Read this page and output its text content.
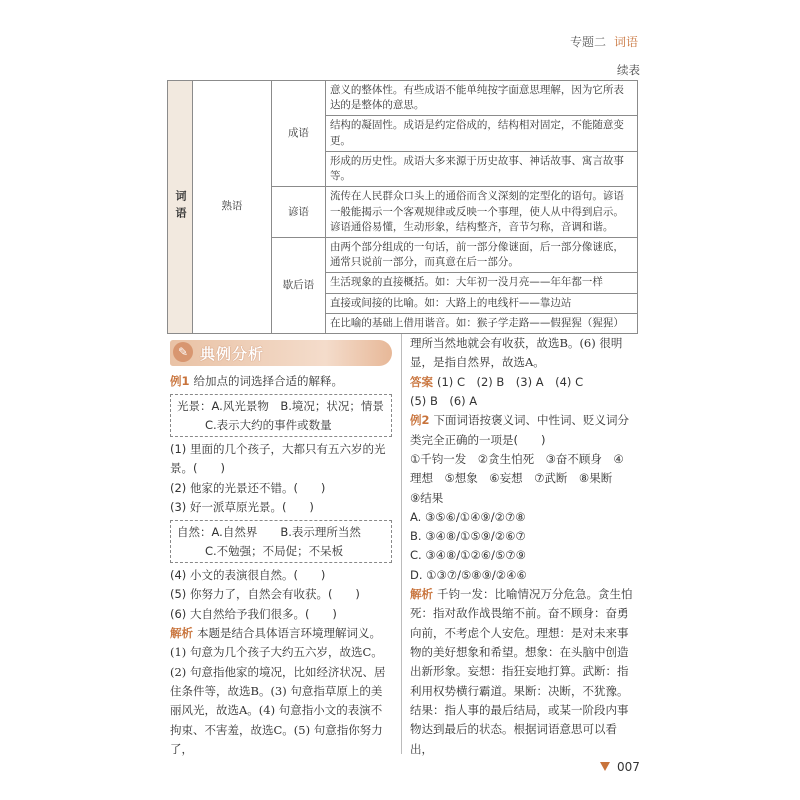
专题二 词语
续表
词语	熟语	成语	意义的整体性。有些成语不能单纯按字面意思理解，因为它所表达的是整体的意思。
			结构的凝固性。成语是约定俗成的，结构相对固定，不能随意变更。
			形成的历史性。成语大多来源于历史故事、神话故事、寓言故事等。
		谚语	流传在人民群众口头上的通俗而含义深刻的定型化的语句。谚语一般能揭示一个客观规律或反映一个事理，使人从中得到启示。谚语通俗易懂，生动形象，结构整齐，音节匀称，音调和谐。
		歇后语	由两个部分组成的一句话，前一部分像谜面，后一部分像谜底，通常只说前一部分，而真意在后一部分。
			生活现象的直接概括。如：大年初一没月亮——年年都一样
			直接或间接的比喻。如：大路上的电线杆——靠边站
			在比喻的基础上借用谐音。如：猴子学走路——假猩猩（猩猩）
✎ 典例分析

例1 给加点的词选择合适的解释。

光景：A.风光景物　B.境况；状况；情景

C.表示大约的事件或数量

(1) 里面的几个孩子，大都只有五六岁的光景。(　　)

(2) 他家的光景还不错。(　　)

(3) 好一派草原光景。(　　)

自然：A.自然界　　B.表示理所当然

C.不勉强；不局促；不呆板

(4) 小文的表演很自然。(　　)

(5) 你努力了，自然会有收获。(　　)

(6) 大自然给予我们很多。(　　)

解析 本题是结合具体语言环境理解词义。(1) 句意为几个孩子大约五六岁，故选C。(2) 句意指他家的境况，比如经济状况、居住条件等，故选B。(3) 句意指草原上的美丽风光，故选A。(4) 句意指小文的表演不拘束、不害羞，故选C。(5) 句意指你努力了，

理所当然地就会有收获，故选B。(6) 很明显，是指自然界，故选A。

答案 (1) C　(2) B　(3) A　(4) C

(5) B　(6) A

例2 下面词语按褒义词、中性词、贬义词分类完全正确的一项是(　　)

①千钧一发　②贪生怕死　③奋不顾身　④

理想　⑤想象　⑥妄想　⑦武断　⑧果断

⑨结果

A. ③⑤⑥/①④⑨/②⑦⑧

B. ③④⑧/①⑤⑨/②⑥⑦

C. ③④⑧/①②⑥/⑤⑦⑨

D. ①③⑦/⑤⑧⑨/②④⑥

解析 千钧一发：比喻情况万分危急。贪生怕死：指对敌作战畏缩不前。奋不顾身：奋勇向前，不考虑个人安危。理想：是对未来事物的美好想象和希望。想象：在头脑中创造出新形象。妄想：指狂妄地打算。武断：指利用权势横行霸道。果断：决断，不犹豫。结果：指人事的最后结局，或某一阶段内事物达到最后的状态。根据词语意思可以看出，

007
